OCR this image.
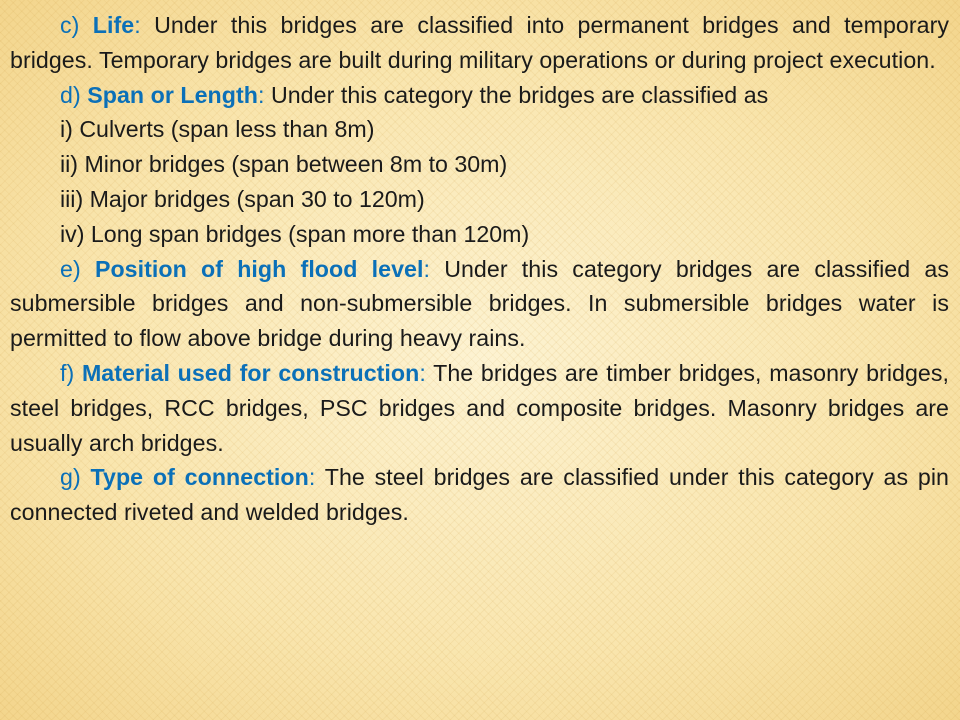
c) Life: Under this bridges are classified into permanent bridges and temporary bridges. Temporary bridges are built during military operations or during project execution.

d) Span or Length: Under this category the bridges are classified as

i) Culverts (span less than 8m)

ii) Minor bridges (span between 8m to 30m)

iii) Major bridges (span 30 to 120m)

iv) Long span bridges (span more than 120m)

e) Position of high flood level: Under this category bridges are classified as submersible bridges and non-submersible bridges. In submersible bridges water is permitted to flow above bridge during heavy rains.

f) Material used for construction: The bridges are timber bridges, masonry bridges, steel bridges, RCC bridges, PSC bridges and composite bridges. Masonry bridges are usually arch bridges.

g) Type of connection: The steel bridges are classified under this category as pin connected riveted and welded bridges.
